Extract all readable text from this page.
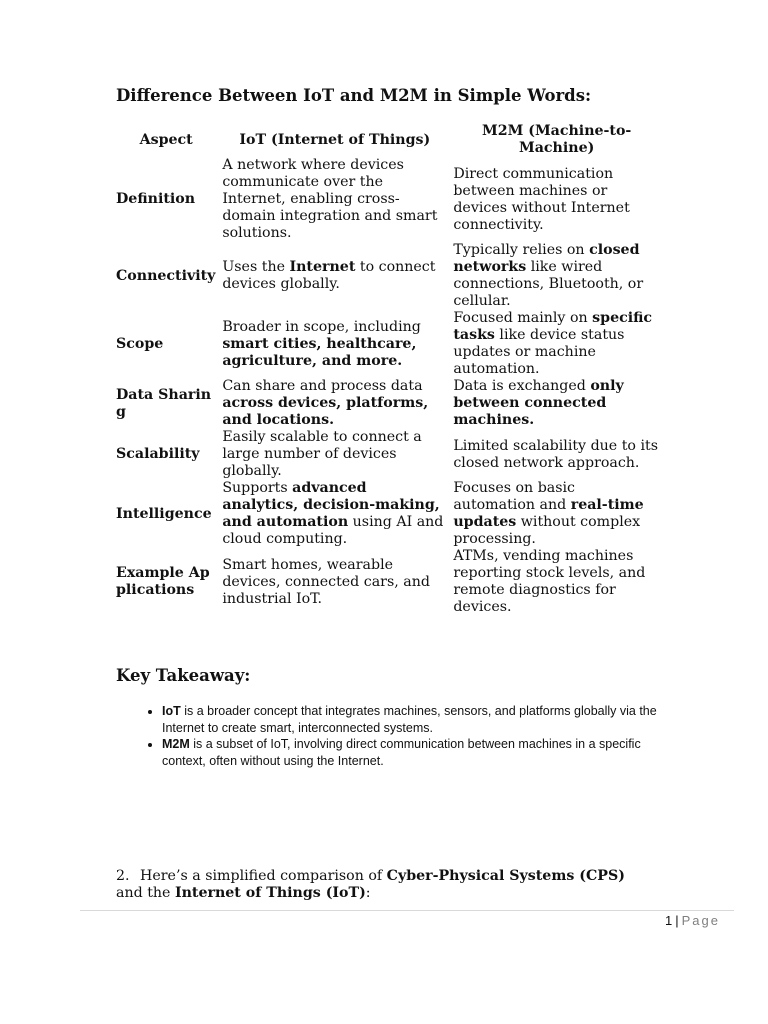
Difference Between IoT and M2M in Simple Words:
Aspect	IoT (Internet of Things)	M2M (Machine-to-Machine)
Definition	A network where devices communicate over the Internet, enabling cross-domain integration and smart solutions.	Direct communication between machines or devices without Internet connectivity.
Connectivity	Uses the Internet to connect devices globally.	Typically relies on closed networks like wired connections, Bluetooth, or cellular.
Scope	Broader in scope, including smart cities, healthcare, agriculture, and more.	Focused mainly on specific tasks like device status updates or machine automation.
Data Sharing	Can share and process data across devices, platforms, and locations.	Data is exchanged only between connected machines.
Scalability	Easily scalable to connect a large number of devices globally.	Limited scalability due to its closed network approach.
Intelligence	Supports advanced analytics, decision-making, and automation using AI and cloud computing.	Focuses on basic automation and real-time updates without complex processing.
Example Applications	Smart homes, wearable devices, connected cars, and industrial IoT.	ATMs, vending machines reporting stock levels, and remote diagnostics for devices.
Key Takeaway:
• IoT is a broader concept that integrates machines, sensors, and platforms globally via the Internet to create smart, interconnected systems.
• M2M is a subset of IoT, involving direct communication between machines in a specific context, often without using the Internet.
2. Here’s a simplified comparison of Cyber-Physical Systems (CPS) and the Internet of Things (IoT):
1 | Page
